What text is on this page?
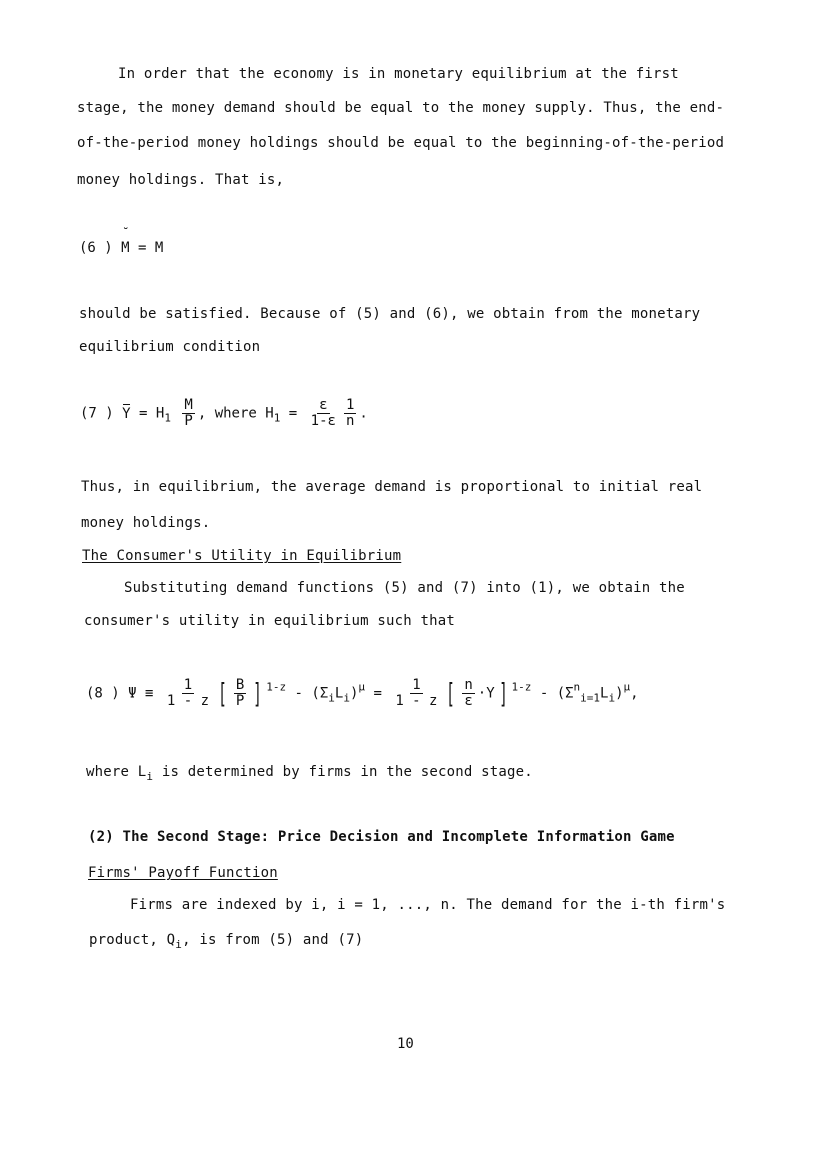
In order that the economy is in monetary equilibrium at the first
stage, the money demand should be equal to the money supply. Thus, the end-
of-the-period money holdings should be equal to the beginning-of-the-period
money holdings. That is,
(6 ) ˘ M = M
should be satisfied. Because of (5) and (6), we obtain from the monetary
equilibrium condition
(7 ) $Y = H_1 \frac{M}{P}$ , where $H_1 = \frac{\varepsilon}{1-\varepsilon} \frac{1}{n}$ .
Thus, in equilibrium, the average demand is proportional to initial real
money holdings.
The Consumer's Utility in Equilibrium
Substituting demand functions (5) and (7) into (1), we obtain the
consumer's utility in equilibrium such that
(8 ) $\Psi \equiv \frac{1}{1 - z}$ [ $\frac{B}{P}$ ] $^{1-z} - (\Sigma_iL_i)^\mu = \frac{1}{1 - z}$ [ $\frac{n}{\varepsilon} \cdot Y$ ] $^{1-z} - (\Sigma^n_{i=1}L_i)^\mu$,
where $L_i$ is determined by firms in the second stage.
(2) The Second Stage: Price Decision and Incomplete Information Game
Firms' Payoff Function
Firms are indexed by i, i = 1, ..., n. The demand for the i-th firm's
product, $Q_i$, is from (5) and (7)
10
